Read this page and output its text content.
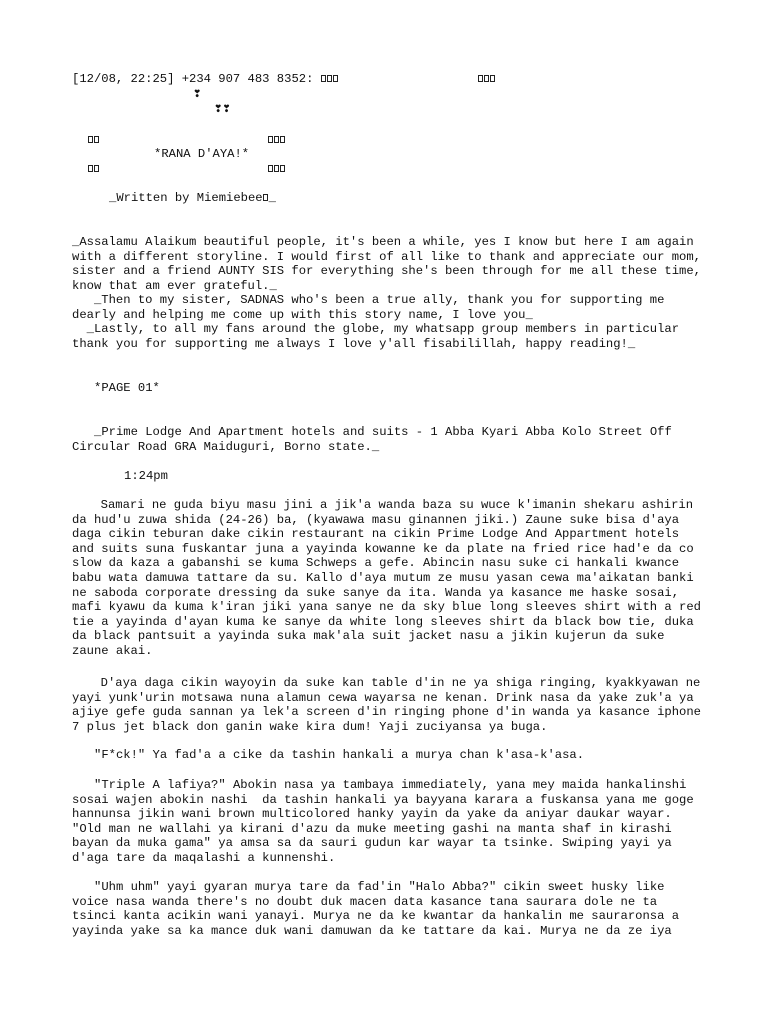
[12/08, 22:25] +234 907 483 8352:
❣
❣❣
*RANA D'AYA!*
_Written by Miemiebee _
_Assalamu Alaikum beautiful people, it's been a while, yes I know but here I am again with a different storyline. I would first of all like to thank and appreciate our mom, sister and a friend AUNTY SIS for everything she's been through for me all these time, know that am ever grateful._
_Then to my sister, SADNAS who's been a true ally, thank you for supporting me dearly and helping me come up with this story name, I love you_
_Lastly, to all my fans around the globe, my whatsapp group members in particular thank you for supporting me always I love y'all fisabilillah, happy reading!_
*PAGE 01*
_Prime Lodge And Apartment hotels and suits - 1 Abba Kyari Abba Kolo Street Off Circular Road GRA Maiduguri, Borno state._
1:24pm
Samari ne guda biyu masu jini a jik'a wanda baza su wuce k'imanin shekaru ashirin da hud'u zuwa shida (24-26) ba, (kyawawa masu ginannen jiki.) Zaune suke bisa d'aya daga cikin teburan dake cikin restaurant na cikin Prime Lodge And Appartment hotels and suits suna fuskantar juna a yayinda kowanne ke da plate na fried rice had'e da co slow da kaza a gabanshi se kuma Schweps a gefe. Abincin nasu suke ci hankali kwance babu wata damuwa tattare da su. Kallo d'aya mutum ze musu yasan cewa ma'aikatan banki ne saboda corporate dressing da suke sanye da ita. Wanda ya kasance me haske sosai, mafi kyawu da kuma k'iran jiki yana sanye ne da sky blue long sleeves shirt with a red tie a yayinda d'ayan kuma ke sanye da white long sleeves shirt da black bow tie, duka da black pantsuit a yayinda suka mak'ala suit jacket nasu a jikin kujerun da suke zaune akai.
D'aya daga cikin wayoyin da suke kan table d'in ne ya shiga ringing, kyakkyawan ne yayi yunk'urin motsawa nuna alamun cewa wayarsa ne kenan. Drink nasa da yake zuk'a ya ajiye gefe guda sannan ya lek'a screen d'in ringing phone d'in wanda ya kasance iphone 7 plus jet black don ganin wake kira dum! Yaji zuciyansa ya buga.
"F*ck!" Ya fad'a a cike da tashin hankali a murya chan k'asa-k'asa.
"Triple A lafiya?" Abokin nasa ya tambaya immediately, yana mey maida hankalinshi sosai wajen abokin nashi  da tashin hankali ya bayyana karara a fuskansa yana me goge hannunsa jikin wani brown multicolored hanky yayin da yake da aniyar daukar wayar. "Old man ne wallahi ya kirani d'azu da muke meeting gashi na manta shaf in kirashi bayan da muka gama" ya amsa sa da sauri gudun kar wayar ta tsinke. Swiping yayi ya d'aga tare da maqalashi a kunnenshi.
"Uhm uhm" yayi gyaran murya tare da fad'in "Halo Abba?" cikin sweet husky like voice nasa wanda there's no doubt duk macen data kasance tana saurara dole ne ta tsinci kanta acikin wani yanayi. Murya ne da ke kwantar da hankalin me sauraronsa a yayinda yake sa ka mance duk wani damuwan da ke tattare da kai. Murya ne da ze iya
